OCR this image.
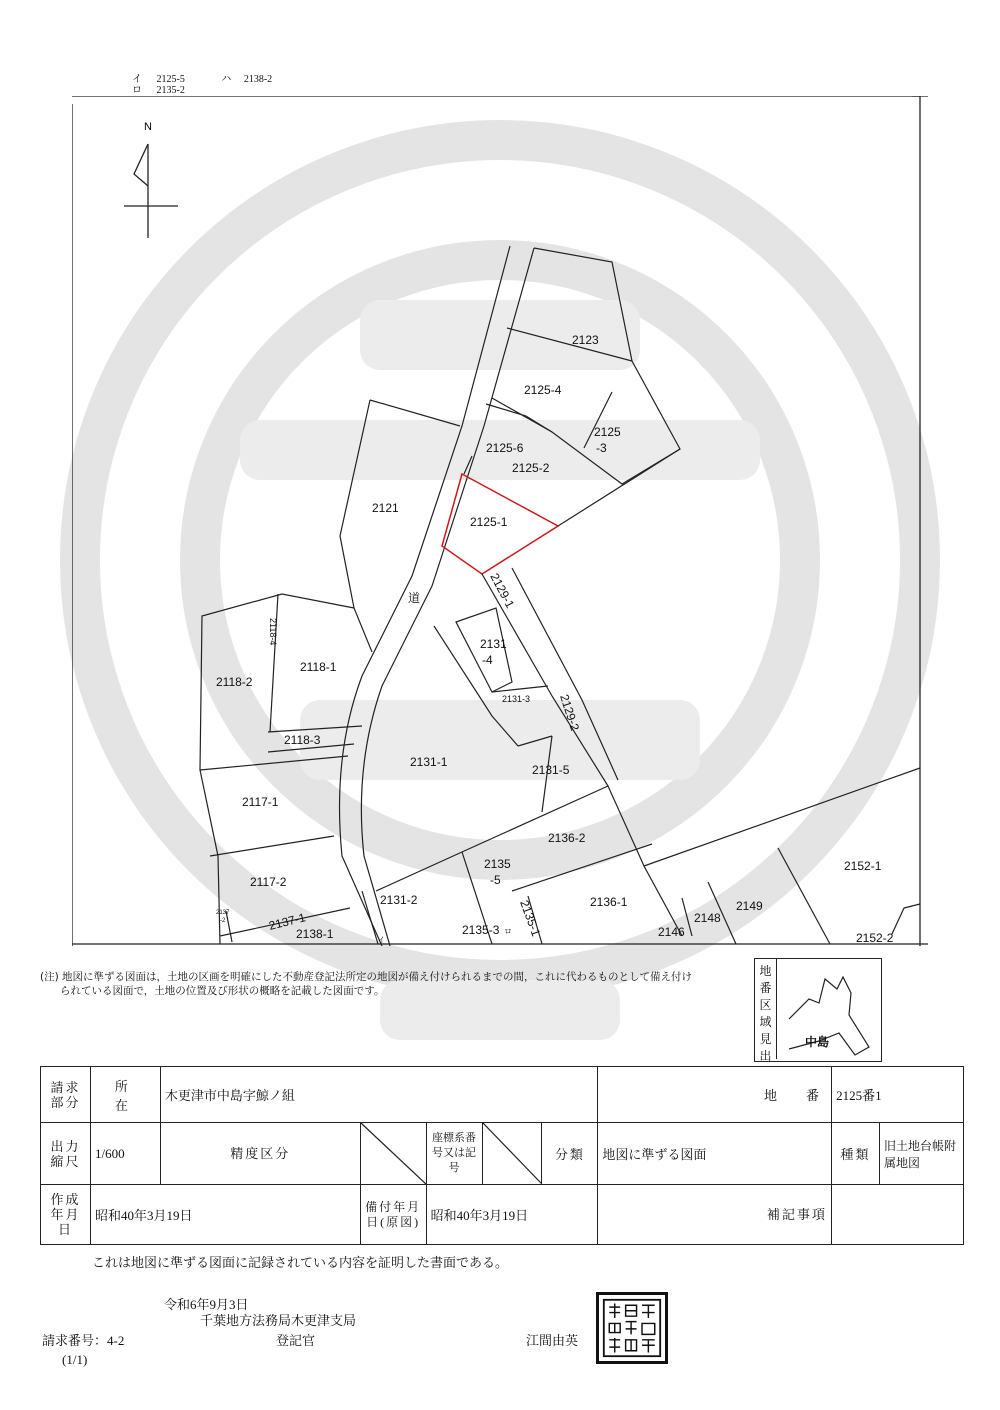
イ 2125-5	ハ 2138-2
ロ 2135-2
N
2123
2125-4
2125
-3
2125-6
2125-2
2125-1
2121
道	2129-1
2118-4
2118-1
2118-2
2131
-4
2131-3 2129-2
2118-3
2131-1
2131-5
2117-1
2136-2
2152-1
2135
-5
2117-2
2131-2	2136-1	2149
2148
2137
-2	2137-1	2135-1	2146
2138-1	2135-3 ロ
イ	2152-2
(注) 地図に準ずる図面は，土地の区画を明確にした不動産登記法所定の地図が備え付けられるまでの間，これに代わるものとして備え付け
られている図面で，土地の位置及び形状の概略を記載した図面です。
地番区域見出
中島
請求部分	所　在	木更津市中島字鯨ノ組					地　番	2125番1	
出力縮尺	1/600	精度区分		座標系番号又は記号		分類	地図に準ずる図面	種類	旧土地台帳附属地図
作成年月日	昭和40年3月19日		備付年月日(原図)	昭和40年3月19日			補記事項		
これは地図に準ずる図面に記録されている内容を証明した書面である。
令和6年9月3日
千葉地方法務局木更津支局
登記官	江間由英
請求番号：4-2
(1/1)
